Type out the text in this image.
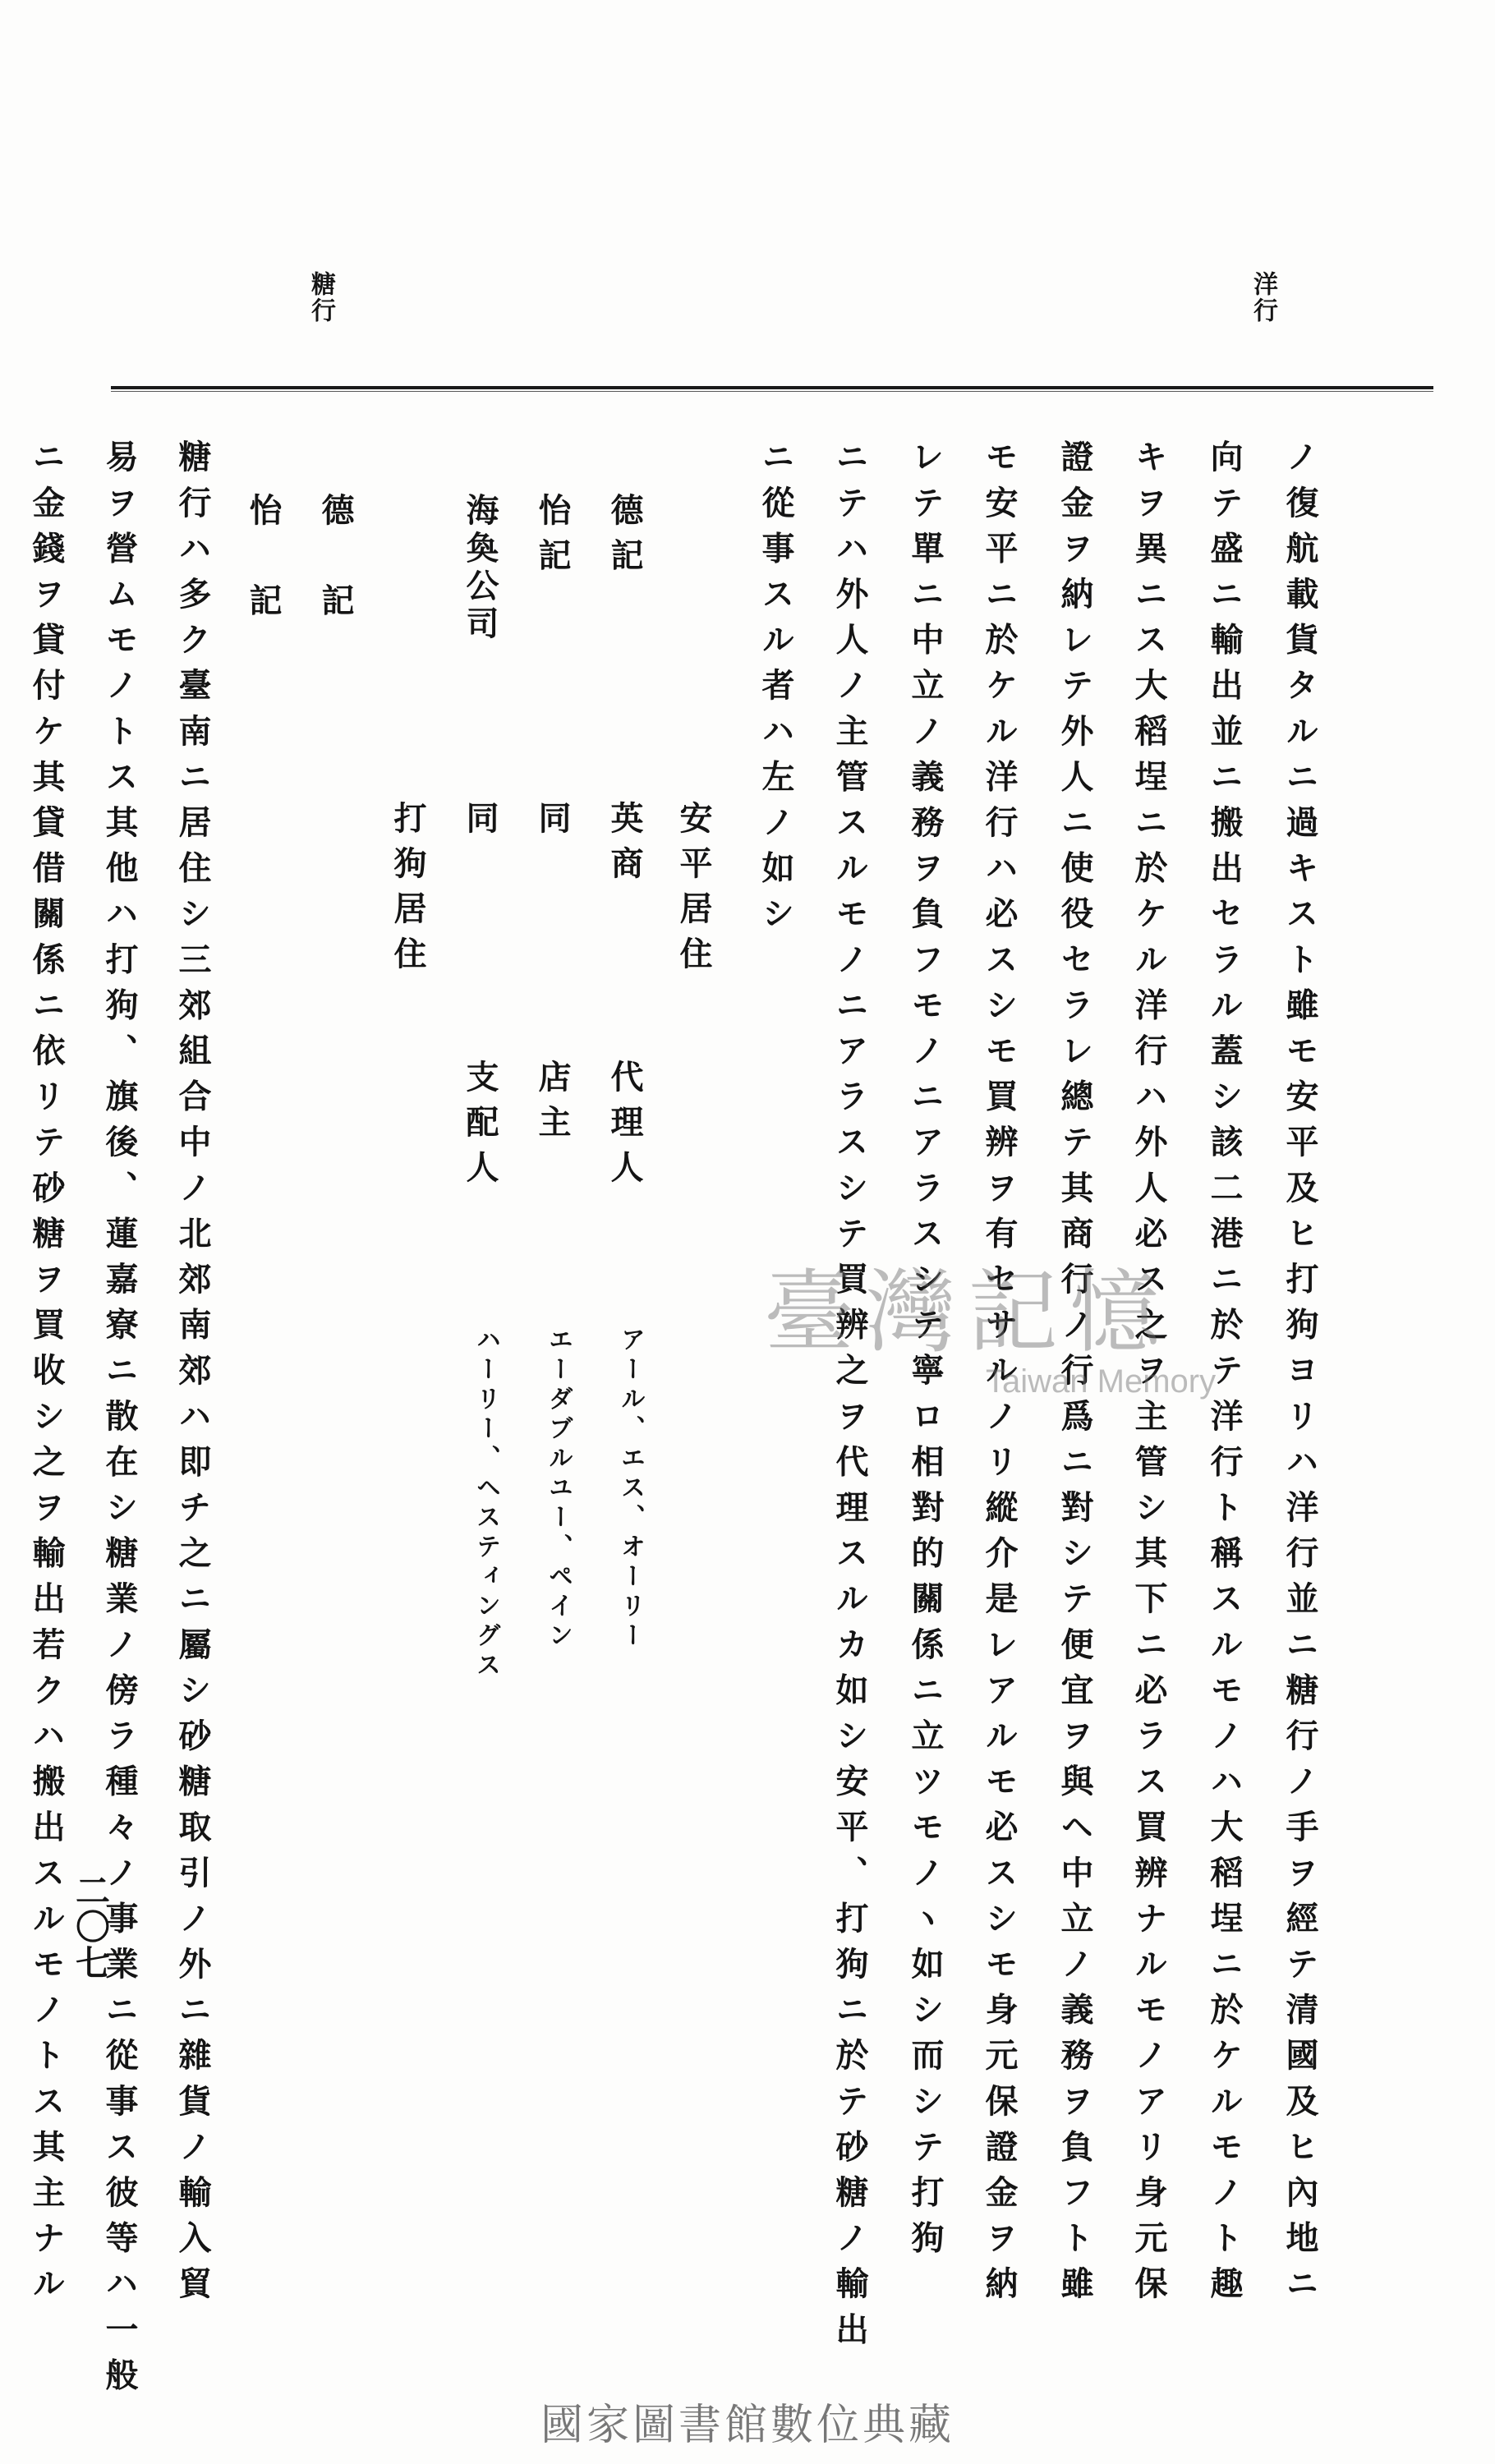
洋行
糖行
ノ復航載貨タルニ過キスト雖モ安平及ヒ打狗ヨリハ洋行並ニ糖行ノ手ヲ經テ清國及ヒ內地ニ
向テ盛ニ輸出並ニ搬出セラル蓋シ該二港ニ於テ洋行ト稱スルモノハ大稻埕ニ於ケルモノト趣
キヲ異ニス大稻埕ニ於ケル洋行ハ外人必ス之ヲ主管シ其下ニ必ラス買辨ナルモノアリ身元保
證金ヲ納レテ外人ニ使役セラレ總テ其商行ノ行爲ニ對シテ便宜ヲ與ヘ中立ノ義務ヲ負フト雖
モ安平ニ於ケル洋行ハ必スシモ買辨ヲ有セサルノリ縱介是レアルモ必スシモ身元保證金ヲ納
レテ單ニ中立ノ義務ヲ負フモノニアラスシテ寧ロ相對的關係ニ立ツモノヽ如シ而シテ打狗
ニテハ外人ノ主管スルモノニアラスシテ買辨之ヲ代理スルカ如シ安平、打狗ニ於テ砂糖ノ輸出
ニ從事スル者ハ左ノ如シ
安平居住
德記
英商
代理人
アール、エス、オーリー
怡記
同
店主
エーダブルユー、ペイン
海奐公司
同
支配人
ハーリー、ヘスティングス
打狗居住
德記
怡記
糖行ハ多ク臺南ニ居住シ三郊組合中ノ北郊南郊ハ即チ之ニ屬シ砂糖取引ノ外ニ雜貨ノ輸入貿
易ヲ營ムモノトス其他ハ打狗、旗後、蓮嘉寮ニ散在シ糖業ノ傍ラ種々ノ事業ニ從事ス彼等ハ一般
ニ金錢ヲ貸付ケ其貸借關係ニ依リテ砂糖ヲ買收シ之ヲ輸出若クハ搬出スルモノトス其主ナル 二〇七
臺灣記憶
Taiwan Memory
國家圖書館數位典藏
